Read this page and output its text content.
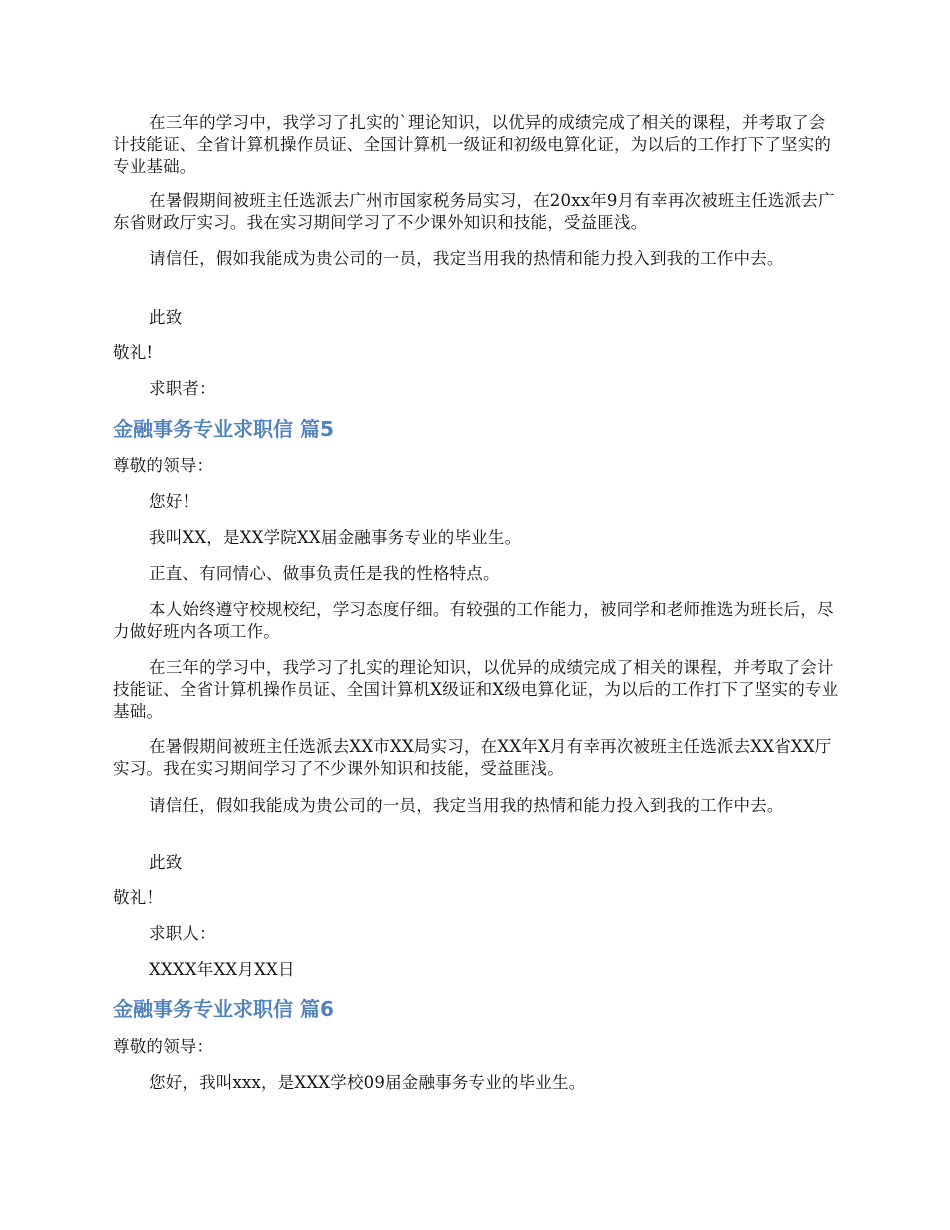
在三年的学习中，我学习了扎实的`理论知识，以优异的成绩完成了相关的课程，并考取了会计技能证、全省计算机操作员证、全国计算机一级证和初级电算化证，为以后的工作打下了坚实的专业基础。

在暑假期间被班主任选派去广州市国家税务局实习，在20xx年9月有幸再次被班主任选派去广东省财政厅实习。我在实习期间学习了不少课外知识和技能，受益匪浅。

请信任，假如我能成为贵公司的一员，我定当用我的热情和能力投入到我的工作中去。

此致

敬礼!

求职者：

金融事务专业求职信 篇5

尊敬的领导：

您好！

我叫XX，是XX学院XX届金融事务专业的毕业生。

正直、有同情心、做事负责任是我的性格特点。

本人始终遵守校规校纪，学习态度仔细。有较强的工作能力，被同学和老师推选为班长后，尽力做好班内各项工作。

在三年的学习中，我学习了扎实的理论知识，以优异的成绩完成了相关的课程，并考取了会计技能证、全省计算机操作员证、全国计算机X级证和X级电算化证，为以后的工作打下了坚实的专业基础。

在暑假期间被班主任选派去XX市XX局实习，在XX年X月有幸再次被班主任选派去XX省XX厅实习。我在实习期间学习了不少课外知识和技能，受益匪浅。

请信任，假如我能成为贵公司的一员，我定当用我的热情和能力投入到我的工作中去。

此致

敬礼！

求职人：

XXXX年XX月XX日

金融事务专业求职信 篇6

尊敬的领导：

您好，我叫xxx，是XXX学校09届金融事务专业的毕业生。
